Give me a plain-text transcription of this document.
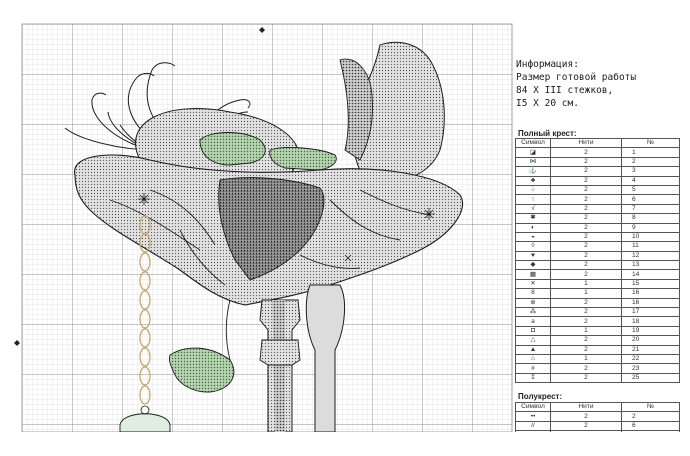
Информация:
Размер готовой работы
84 X III стежков,
I5 X 20 см.
Полный крест:
Символ	Нити	№
◪	2	1
⋈	2	2
⚓	2	3
♣	2	4
♤	2	5
↑	2	6
√	2	7
✱	2	8
◐	2	9
◒	2	10
◊	2	11
♥	2	12
◆	2	13
▩	2	14
✕	1	15
8	1	16
⊕	2	16
⁂	2	17
a	2	18
◘	1	19
△	2	20
▲	2	21
⌂	1	22
#	2	23
⁑	2	25
Полукрест:
Символ	Нити	№
••	2	2
//	2	6
